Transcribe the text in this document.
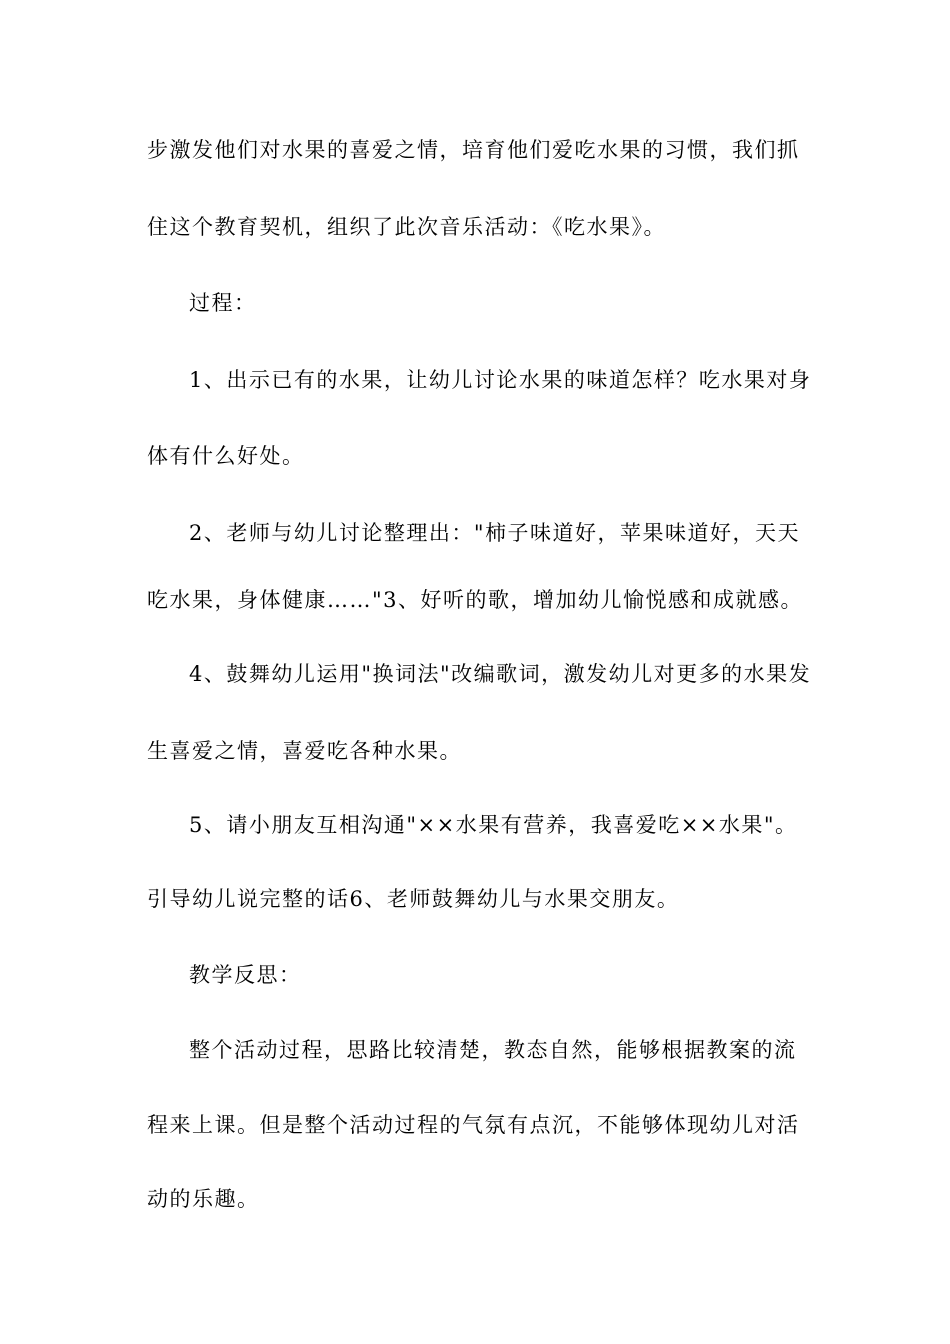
步激发他们对水果的喜爱之情，培育他们爱吃水果的习惯，我们抓
住这个教育契机，组织了此次音乐活动：《吃水果》。
过程：
1、出示已有的水果，让幼儿讨论水果的味道怎样？吃水果对身
体有什么好处。
2、老师与幼儿讨论整理出："柿子味道好，苹果味道好，天天
吃水果，身体健康……"3、好听的歌，增加幼儿愉悦感和成就感。
4、鼓舞幼儿运用"换词法"改编歌词，激发幼儿对更多的水果发
生喜爱之情，喜爱吃各种水果。
5、请小朋友互相沟通"××水果有营养，我喜爱吃××水果"。
引导幼儿说完整的话6、老师鼓舞幼儿与水果交朋友。
教学反思：
整个活动过程，思路比较清楚，教态自然，能够根据教案的流
程来上课。但是整个活动过程的气氛有点沉，不能够体现幼儿对活
动的乐趣。
